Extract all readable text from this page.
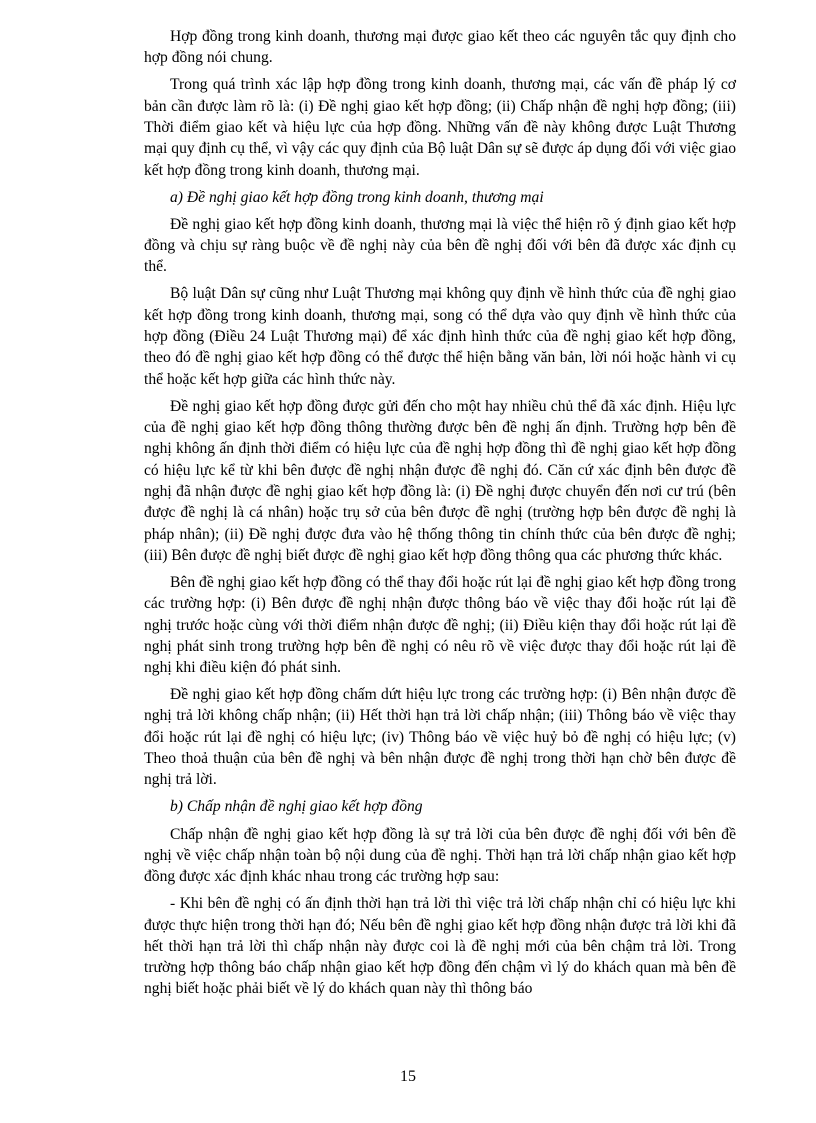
Hợp đồng trong kinh doanh, thương mại được giao kết theo các nguyên tắc quy định cho hợp đồng nói chung.

Trong quá trình xác lập hợp đồng trong kinh doanh, thương mại, các vấn đề pháp lý cơ bản cần được làm rõ là: (i) Đề nghị giao kết hợp đồng; (ii) Chấp nhận đề nghị hợp đồng; (iii) Thời điểm giao kết và hiệu lực của hợp đồng. Những vấn đề này không được Luật Thương mại quy định cụ thể, vì vậy các quy định của Bộ luật Dân sự sẽ được áp dụng đối với việc giao kết hợp đồng trong kinh doanh, thương mại.

a) Đề nghị giao kết hợp đồng trong kinh doanh, thương mại

Đề nghị giao kết hợp đồng kinh doanh, thương mại là việc thể hiện rõ ý định giao kết hợp đồng và chịu sự ràng buộc về đề nghị này của bên đề nghị đối với bên đã được xác định cụ thể.

Bộ luật Dân sự cũng như Luật Thương mại không quy định về hình thức của đề nghị giao kết hợp đồng trong kinh doanh, thương mại, song có thể dựa vào quy định về hình thức của hợp đồng (Điều 24 Luật Thương mại) để xác định hình thức của đề nghị giao kết hợp đồng, theo đó đề nghị giao kết hợp đồng có thể được thể hiện bằng văn bản, lời nói hoặc hành vi cụ thể hoặc kết hợp giữa các hình thức này.

Đề nghị giao kết hợp đồng được gửi đến cho một hay nhiều chủ thể đã xác định. Hiệu lực của đề nghị giao kết hợp đồng thông thường được bên đề nghị ấn định. Trường hợp bên đề nghị không ấn định thời điểm có hiệu lực của đề nghị hợp đồng thì đề nghị giao kết hợp đồng có hiệu lực kể từ khi bên được đề nghị nhận được đề nghị đó. Căn cứ xác định bên được đề nghị đã nhận được đề nghị giao kết hợp đồng là: (i) Đề nghị được chuyển đến nơi cư trú (bên được đề nghị là cá nhân) hoặc trụ sở của bên được đề nghị (trường hợp bên được đề nghị là pháp nhân); (ii) Đề nghị được đưa vào hệ thống thông tin chính thức của bên được đề nghị; (iii) Bên được đề nghị biết được đề nghị giao kết hợp đồng thông qua các phương thức khác.

Bên đề nghị giao kết hợp đồng có thể thay đổi hoặc rút lại đề nghị giao kết hợp đồng trong các trường hợp: (i) Bên được đề nghị nhận được thông báo về việc thay đổi hoặc rút lại đề nghị trước hoặc cùng với thời điểm nhận được đề nghị; (ii) Điều kiện thay đổi hoặc rút lại đề nghị phát sinh trong trường hợp bên đề nghị có nêu rõ về việc được thay đổi hoặc rút lại đề nghị khi điều kiện đó phát sinh.

Đề nghị giao kết hợp đồng chấm dứt hiệu lực trong các trường hợp: (i) Bên nhận được đề nghị trả lời không chấp nhận; (ii) Hết thời hạn trả lời chấp nhận; (iii) Thông báo về việc thay đổi hoặc rút lại đề nghị có hiệu lực; (iv) Thông báo về việc huỷ bỏ đề nghị có hiệu lực; (v) Theo thoả thuận của bên đề nghị và bên nhận được đề nghị trong thời hạn chờ bên được đề nghị trả lời.

b) Chấp nhận đề nghị giao kết hợp đồng

Chấp nhận đề nghị giao kết hợp đồng là sự trả lời của bên được đề nghị đối với bên đề nghị về việc chấp nhận toàn bộ nội dung của đề nghị. Thời hạn trả lời chấp nhận giao kết hợp đồng được xác định khác nhau trong các trường hợp sau:

- Khi bên đề nghị có ấn định thời hạn trả lời thì việc trả lời chấp nhận chỉ có hiệu lực khi được thực hiện trong thời hạn đó; Nếu bên đề nghị giao kết hợp đồng nhận được trả lời khi đã hết thời hạn trả lời thì chấp nhận này được coi là đề nghị mới của bên chậm trả lời. Trong trường hợp thông báo chấp nhận giao kết hợp đồng đến chậm vì lý do khách quan mà bên đề nghị biết hoặc phải biết về lý do khách quan này thì thông báo

15
